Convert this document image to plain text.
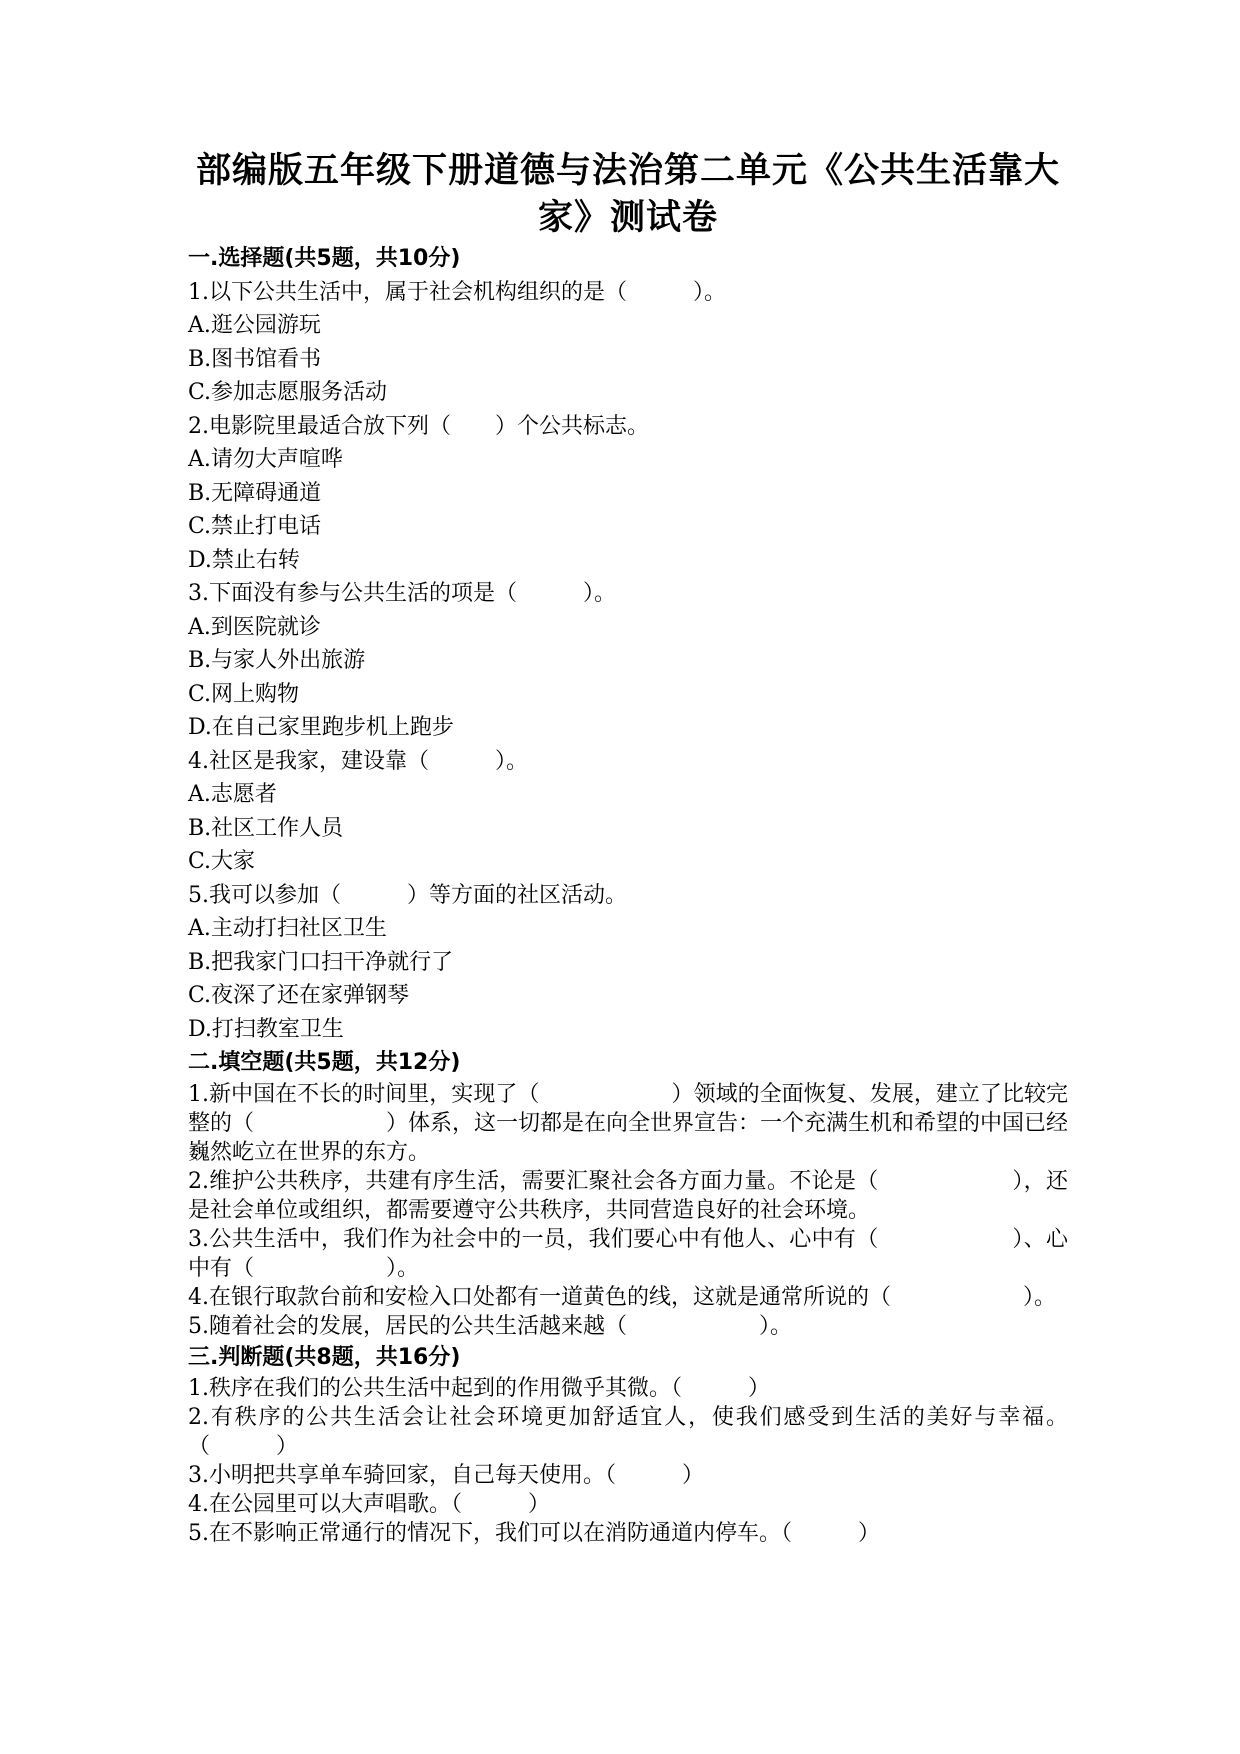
部编版五年级下册道德与法治第二单元《公共生活靠大家》测试卷
一.选择题(共5题，共10分)
1.以下公共生活中，属于社会机构组织的是（　　　）。
A.逛公园游玩
B.图书馆看书
C.参加志愿服务活动
2.电影院里最适合放下列（　　）个公共标志。
A.请勿大声喧哗
B.无障碍通道
C.禁止打电话
D.禁止右转
3.下面没有参与公共生活的项是（　　　）。
A.到医院就诊
B.与家人外出旅游
C.网上购物
D.在自己家里跑步机上跑步
4.社区是我家，建设靠（　　　）。
A.志愿者
B.社区工作人员
C.大家
5.我可以参加（　　　）等方面的社区活动。
A.主动打扫社区卫生
B.把我家门口扫干净就行了
C.夜深了还在家弹钢琴
D.打扫教室卫生
二.填空题(共5题，共12分)
1.新中国在不长的时间里，实现了（　　　　　　）领域的全面恢复、发展，建立了比较完整的（　　　　　　）体系，这一切都是在向全世界宣告：一个充满生机和希望的中国已经巍然屹立在世界的东方。
2.维护公共秩序，共建有序生活，需要汇聚社会各方面力量。不论是（　　　　　　），还是社会单位或组织，都需要遵守公共秩序，共同营造良好的社会环境。
3.公共生活中，我们作为社会中的一员，我们要心中有他人、心中有（　　　　　　）、心中有（　　　　　　）。
4.在银行取款台前和安检入口处都有一道黄色的线，这就是通常所说的（　　　　　　）。
5.随着社会的发展，居民的公共生活越来越（　　　　　　）。
三.判断题(共8题，共16分)
1.秩序在我们的公共生活中起到的作用微乎其微。（　　　）
2.有秩序的公共生活会让社会环境更加舒适宜人，使我们感受到生活的美好与幸福。（　　　）
3.小明把共享单车骑回家，自己每天使用。（　　　）
4.在公园里可以大声唱歌。（　　　）
5.在不影响正常通行的情况下，我们可以在消防通道内停车。（　　　）
